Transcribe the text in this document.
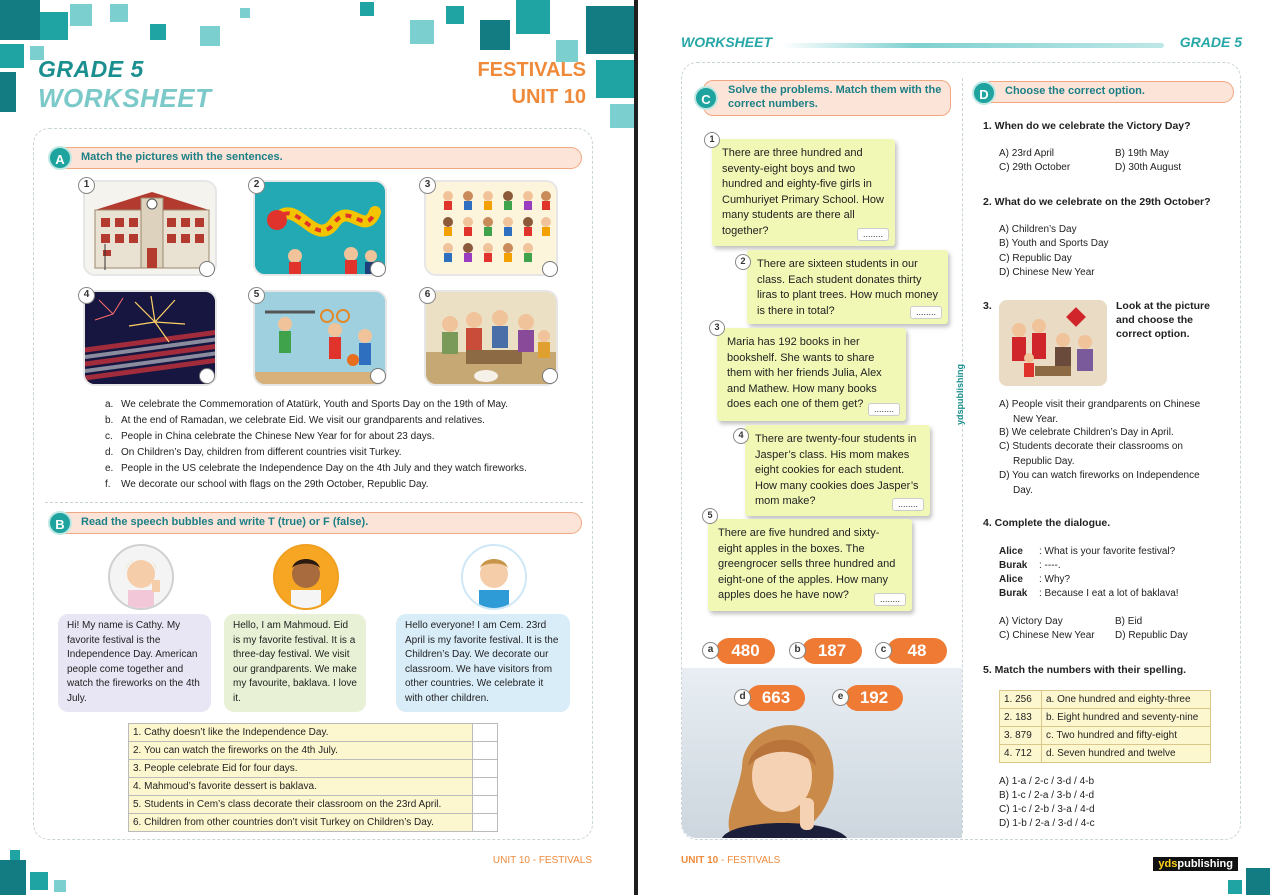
GRADE 5
WORKSHEET
FESTIVALS
UNIT 10
A	Match the pictures with the sentences.
1	2	3
4	5	6
a. We celebrate the Commemoration of Atatürk, Youth and Sports Day on the 19th of May.
b. At the end of Ramadan, we celebrate Eid. We visit our grandparents and relatives.
c. People in China celebrate the Chinese New Year for for about 23 days.
d. On Children’s Day, children from different countries visit Turkey.
e. People in the US celebrate the Independence Day on the 4th July and they watch fireworks.
f.	We decorate our school with flags on the 29th October, Republic Day.
B	Read the speech bubbles and write T (true) or F (false).
Hi! My name is Cathy. My favorite festival is the Independence Day. American people come together and watch the fireworks on the 4th July.
Hello, I am Mahmoud. Eid is my favorite festival. It is a three-day festival. We visit our grandparents. We make my favourite, baklava. I love it.
Hello everyone! I am Cem. 23rd April is my favorite festival. It is the Children’s Day. We decorate our classroom. We have visitors from other countries. We celebrate it with other children.
1. Cathy doesn’t like the Independence Day.	
2. You can watch the fireworks on the 4th July.	
3. People celebrate Eid for four days.	
4. Mahmoud’s favorite dessert is baklava.	
5. Students in Cem’s class decorate their classroom on the 23rd April.	
6. Children from other countries don’t visit Turkey on Children’s Day.	
UNIT 10 - FESTIVALS
WORKSHEET	GRADE 5
C
Solve the problems. Match them with the correct numbers.
There are three hundred and seventy-eight boys and two hundred and eighty-five girls in Cumhuriyet Primary School. How many students are there all together?	........
1
There are sixteen students in our class. Each student donates thirty liras to plant trees. How much money is there in total?	........
2
Maria has 192 books in her bookshelf. She wants to share them with her friends Julia, Alex and Mathew. How many books does each one of them get?	........
3
There are twenty-four students in Jasper’s class. His mom makes eight cookies for each student. How many cookies does Jasper’s mom make?	........
4
There are five hundred and sixty-eight apples in the boxes. The greengrocer sells three hundred and eight-one of the apples. How many apples does he have now?	........
5
480
a	187
b	48
c
663
d	192
e
ydspublishing
D	Choose the correct option.
1. When do we celebrate the Victory Day?
A) 23rd April	B) 19th May
C) 29th October	D) 30th August
2. What do we celebrate on the 29th October?
A) Children’s Day
B) Youth and Sports Day
C) Republic Day
D) Chinese New Year
3.	Look at the picture and choose the correct option.
A) People visit their grandparents on Chinese New Year.
B) We celebrate Children’s Day in April.
C) Students decorate their classrooms on Republic Day.
D) You can watch fireworks on Independence Day.
4. Complete the dialogue.
Alice : What is your favorite festival?
Burak : ----.
Alice : Why?
Burak : Because I eat a lot of baklava!
A) Victory Day	B) Eid
C) Chinese New Year D) Republic Day
5. Match the numbers with their spelling.
1. 256	a. One hundred and eighty-three
2. 183	b. Eight hundred and seventy-nine
3. 879	c. Two hundred and fifty-eight
4. 712	d. Seven hundred and twelve
A) 1-a / 2-c / 3-d / 4-b
B) 1-c / 2-a / 3-b / 4-d
C) 1-c / 2-b / 3-a / 4-d
D) 1-b / 2-a / 3-d / 4-c
UNIT 10 - FESTIVALS	ydspublishing
